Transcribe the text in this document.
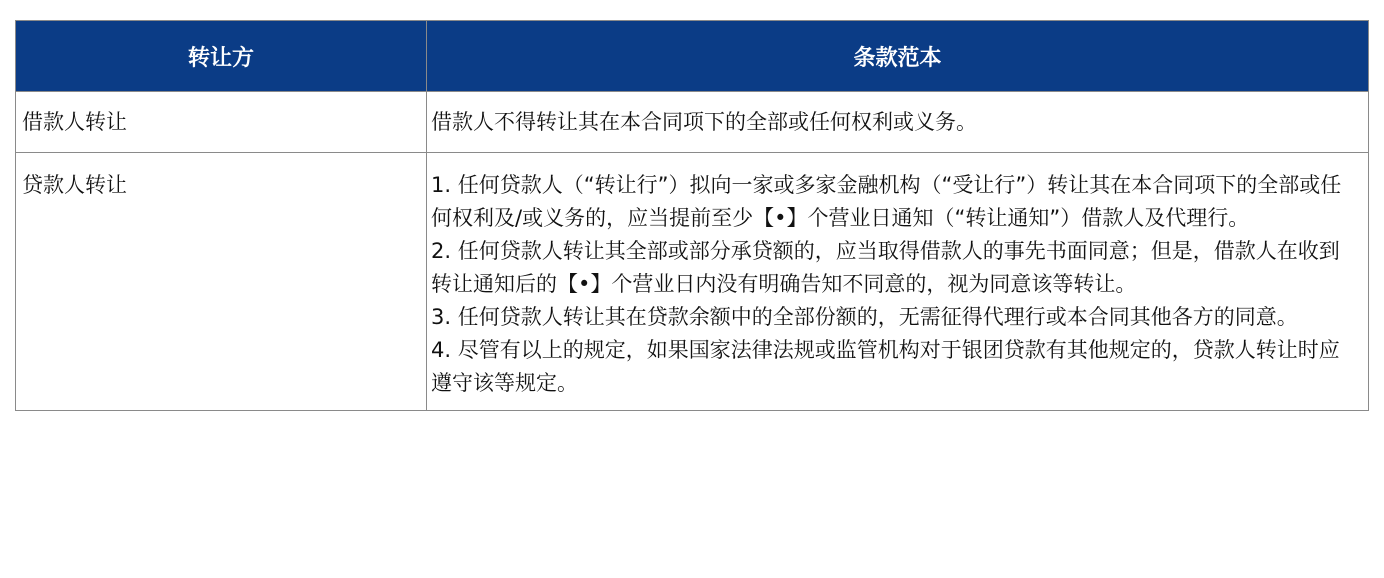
转让方	条款范本

借款人转让	借款人不得转让其在本合同项下的全部或任何权利或义务。

贷款人转让	1. 任何贷款人（“转让行”）拟向一家或多家金融机构（“受让行”）转让其在本合同项下的全部或任何权利及/或义务的，应当提前至少【•】个营业日通知（“转让通知”）借款人及代理行。
2. 任何贷款人转让其全部或部分承贷额的，应当取得借款人的事先书面同意；但是，借款人在收到转让通知后的【•】个营业日内没有明确告知不同意的，视为同意该等转让。
3. 任何贷款人转让其在贷款余额中的全部份额的，无需征得代理行或本合同其他各方的同意。
4. 尽管有以上的规定，如果国家法律法规或监管机构对于银团贷款有其他规定的，贷款人转让时应遵守该等规定。
